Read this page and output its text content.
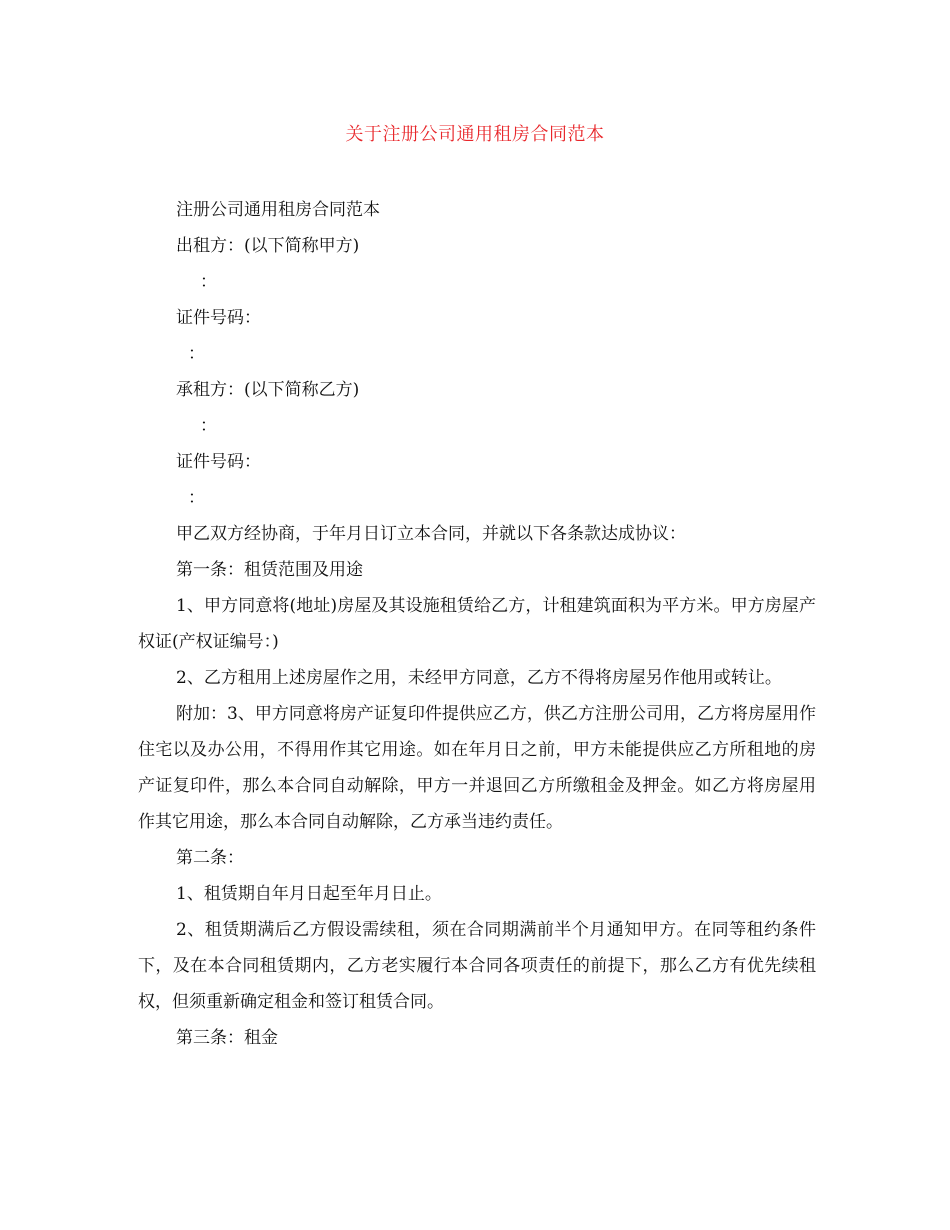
关于注册公司通用租房合同范本
注册公司通用租房合同范本
出租方：(以下简称甲方)
：
证件号码：
：
承租方：(以下简称乙方)
：
证件号码：
：
甲乙双方经协商，于年月日订立本合同，并就以下各条款达成协议：
第一条：租赁范围及用途
1、甲方同意将(地址)房屋及其设施租赁给乙方，计租建筑面积为平方米。甲方房屋产权证(产权证编号：)
2、乙方租用上述房屋作之用，未经甲方同意，乙方不得将房屋另作他用或转让。
附加：3、甲方同意将房产证复印件提供应乙方，供乙方注册公司用，乙方将房屋用作住宅以及办公用，不得用作其它用途。如在年月日之前，甲方未能提供应乙方所租地的房产证复印件，那么本合同自动解除，甲方一并退回乙方所缴租金及押金。如乙方将房屋用作其它用途，那么本合同自动解除，乙方承当违约责任。
第二条：
1、租赁期自年月日起至年月日止。
2、租赁期满后乙方假设需续租，须在合同期满前半个月通知甲方。在同等租约条件下，及在本合同租赁期内，乙方老实履行本合同各项责任的前提下，那么乙方有优先续租权，但须重新确定租金和签订租赁合同。
第三条：租金
